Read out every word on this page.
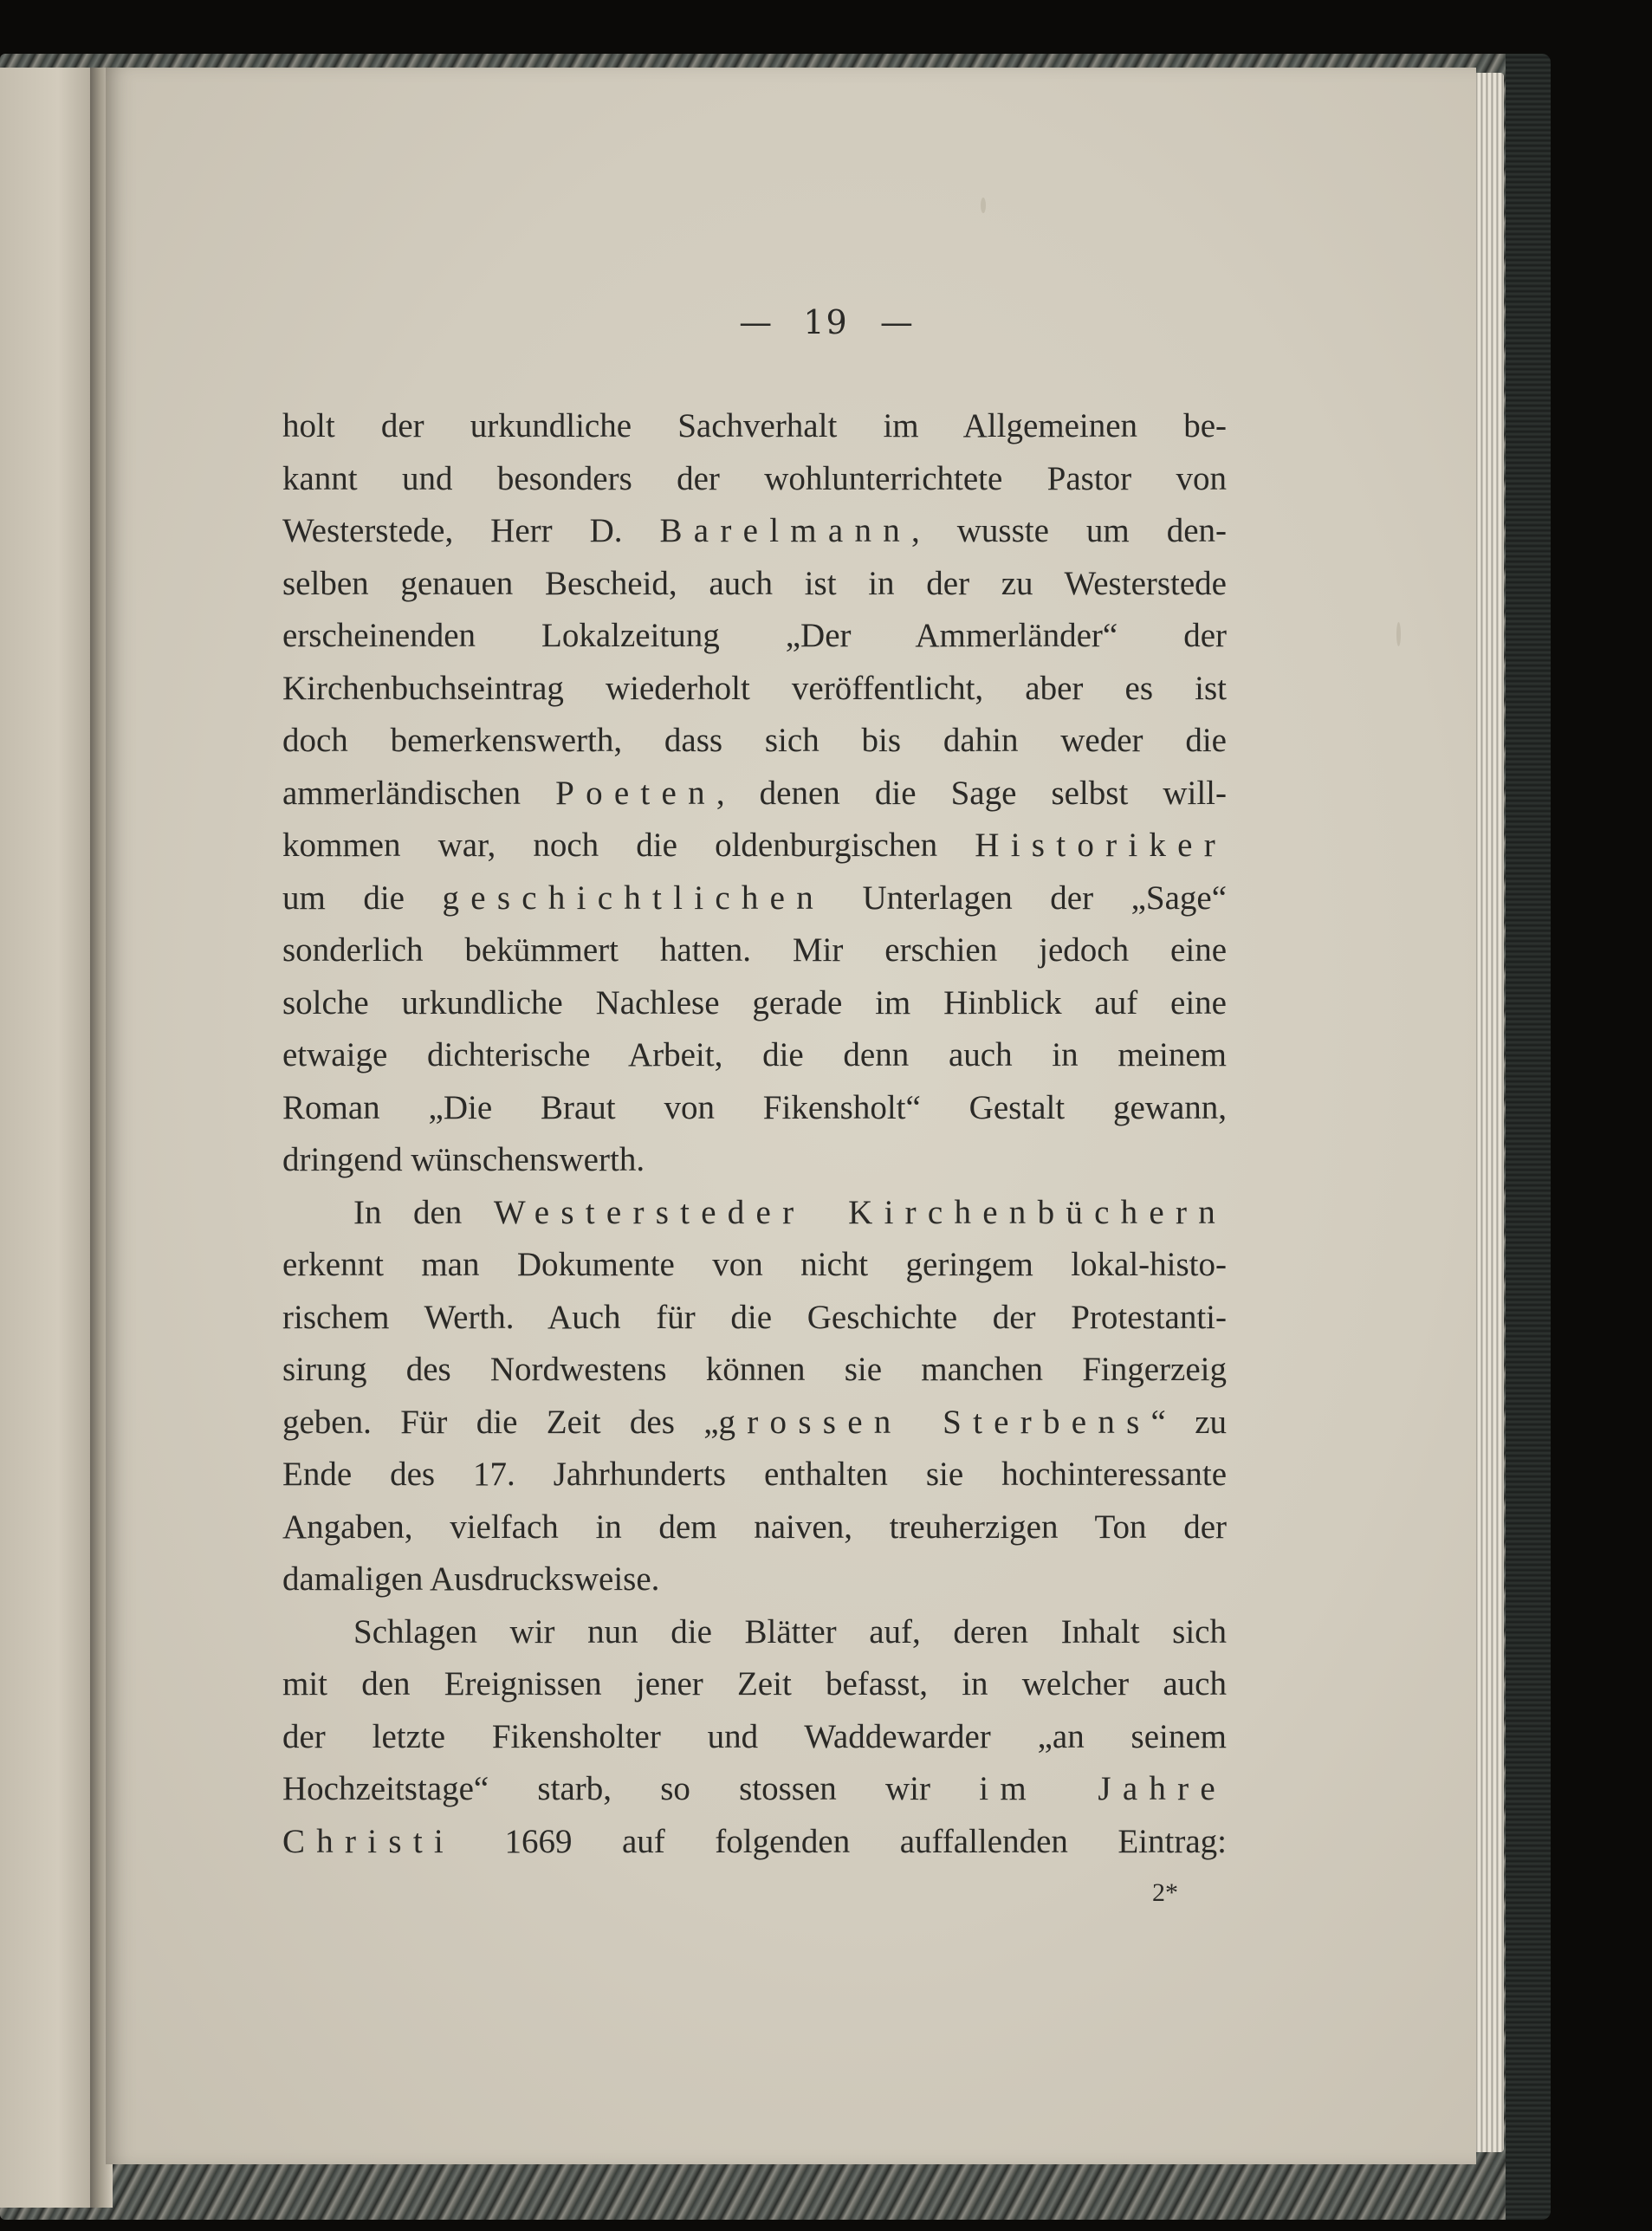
— 19 —
holt der urkundliche Sachverhalt im Allgemeinen be-
kannt und besonders der wohlunterrichtete Pastor von
Westerstede, Herr D. Barelmann, wusste um den-
selben genauen Bescheid, auch ist in der zu Westerstede
erscheinenden Lokalzeitung „Der Ammerländer“ der
Kirchenbuchseintrag wiederholt veröffentlicht, aber es ist
doch bemerkenswerth, dass sich bis dahin weder die
ammerländischen Poeten, denen die Sage selbst will-
kommen war, noch die oldenburgischen Historiker
um die geschichtlichen Unterlagen der „Sage“
sonderlich bekümmert hatten. Mir erschien jedoch eine
solche urkundliche Nachlese gerade im Hinblick auf eine
etwaige dichterische Arbeit, die denn auch in meinem
Roman „Die Braut von Fikensholt“ Gestalt gewann,
dringend wünschenswerth.
In den Westersteder Kirchenbüchern
erkennt man Dokumente von nicht geringem lokal-histo-
rischem Werth. Auch für die Geschichte der Protestanti-
sirung des Nordwestens können sie manchen Fingerzeig
geben. Für die Zeit des „grossen Sterbens“ zu
Ende des 17. Jahrhunderts enthalten sie hochinteressante
Angaben, vielfach in dem naiven, treuherzigen Ton der
damaligen Ausdrucksweise.
Schlagen wir nun die Blätter auf, deren Inhalt sich
mit den Ereignissen jener Zeit befasst, in welcher auch
der letzte Fikensholter und Waddewarder „an seinem
Hochzeitstage“ starb, so stossen wir im Jahre
Christi 1669 auf folgenden auffallenden Eintrag:
2*
